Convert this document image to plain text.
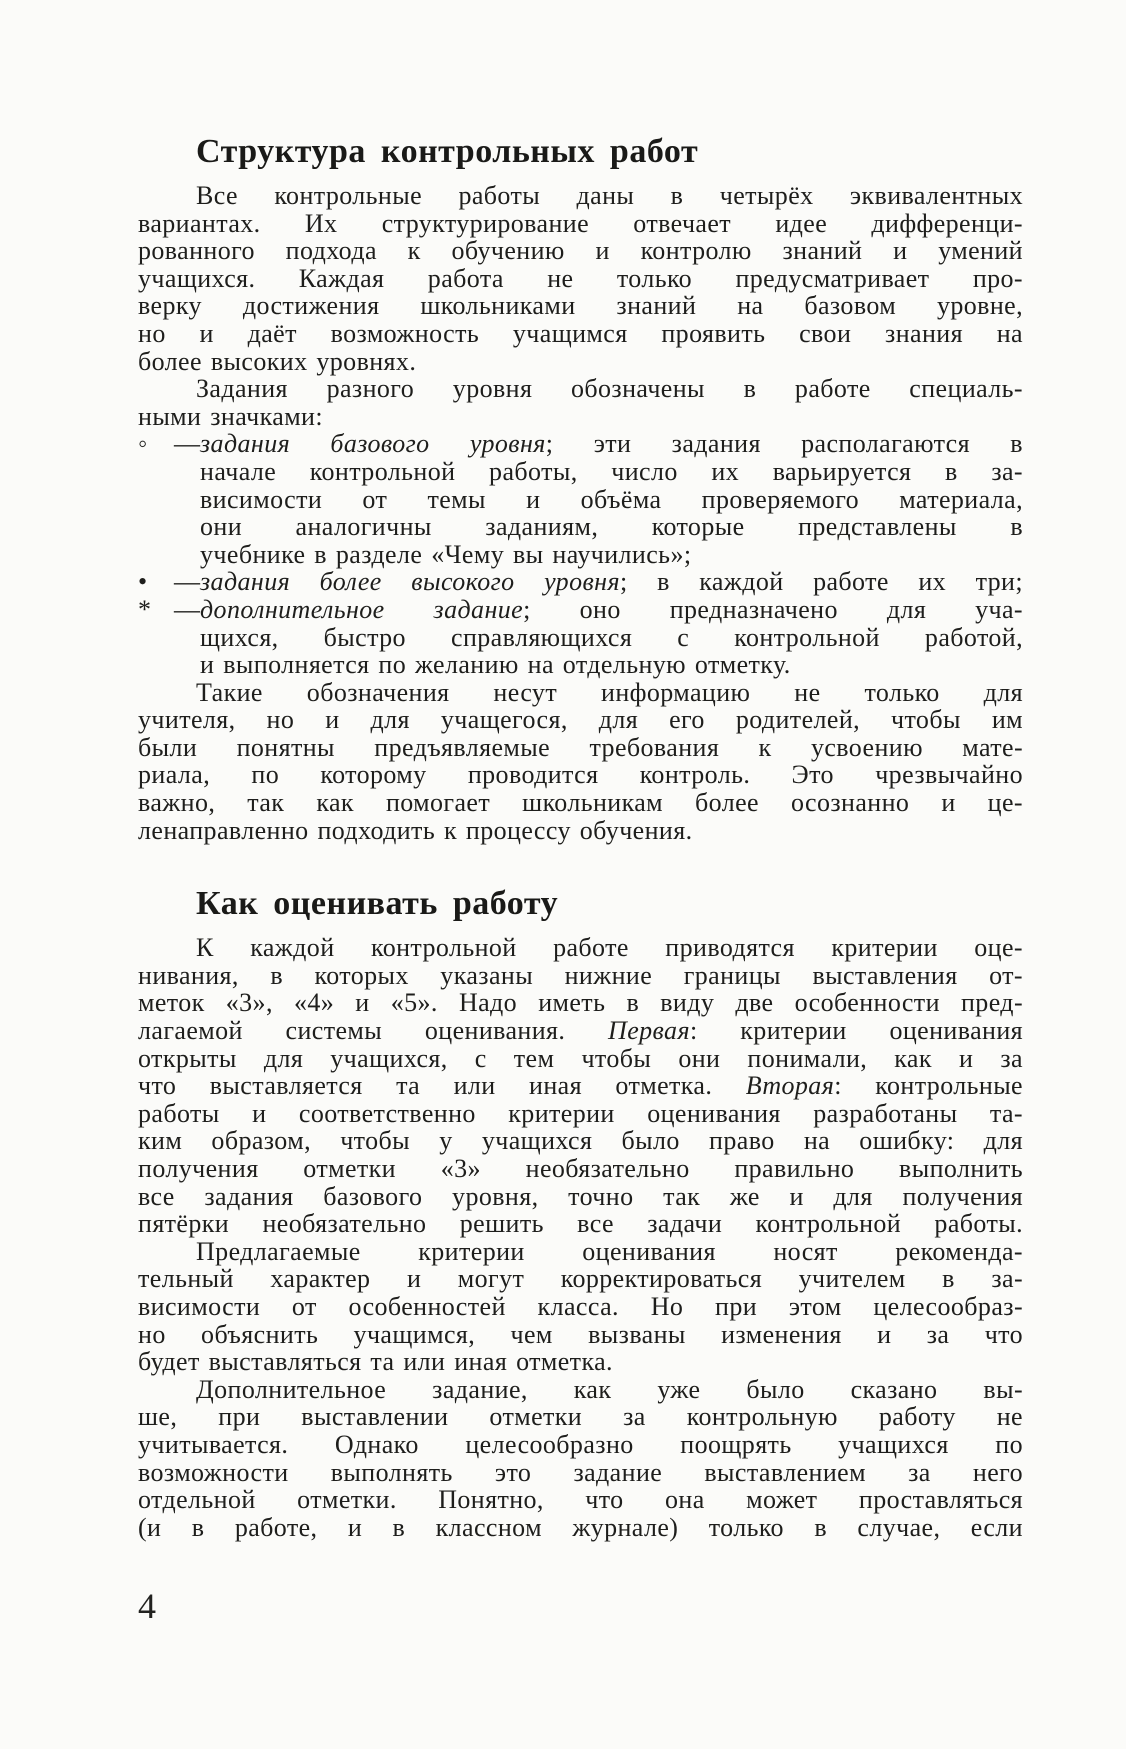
Структура контрольных работ
Все контрольные работы даны в четырёх эквивалентных
вариантах. Их структурирование отвечает идее дифференци-
рованного подхода к обучению и контролю знаний и умений
учащихся. Каждая работа не только предусматривает про-
верку достижения школьниками знаний на базовом уровне,
но и даёт возможность учащимся проявить свои знания на
более высоких уровнях.
Задания разного уровня обозначены в работе специаль-
ными значками:
◦ — задания базового уровня; эти задания располагаются в
начале контрольной работы, число их варьируется в за-
висимости от темы и объёма проверяемого материала,
они аналогичны заданиям, которые представлены в
учебнике в разделе «Чему вы научились»;
• — задания более высокого уровня; в каждой работе их три;
* — дополнительное задание; оно предназначено для уча-
щихся, быстро справляющихся с контрольной работой,
и выполняется по желанию на отдельную отметку.
Такие обозначения несут информацию не только для
учителя, но и для учащегося, для его родителей, чтобы им
были понятны предъявляемые требования к усвоению мате-
риала, по которому проводится контроль. Это чрезвычайно
важно, так как помогает школьникам более осознанно и це-
ленаправленно подходить к процессу обучения.
Как оценивать работу
К каждой контрольной работе приводятся критерии оце-
нивания, в которых указаны нижние границы выставления от-
меток «3», «4» и «5». Надо иметь в виду две особенности пред-
лагаемой системы оценивания. Первая: критерии оценивания
открыты для учащихся, с тем чтобы они понимали, как и за
что выставляется та или иная отметка. Вторая: контрольные
работы и соответственно критерии оценивания разработаны та-
ким образом, чтобы у учащихся было право на ошибку: для
получения отметки «3» необязательно правильно выполнить
все задания базового уровня, точно так же и для получения
пятёрки необязательно решить все задачи контрольной работы.
Предлагаемые критерии оценивания носят рекоменда-
тельный характер и могут корректироваться учителем в за-
висимости от особенностей класса. Но при этом целесообраз-
но объяснить учащимся, чем вызваны изменения и за что
будет выставляться та или иная отметка.
Дополнительное задание, как уже было сказано вы-
ше, при выставлении отметки за контрольную работу не
учитывается. Однако целесообразно поощрять учащихся по
возможности выполнять это задание выставлением за него
отдельной отметки. Понятно, что она может проставляться
(и в работе, и в классном журнале) только в случае, если
4
